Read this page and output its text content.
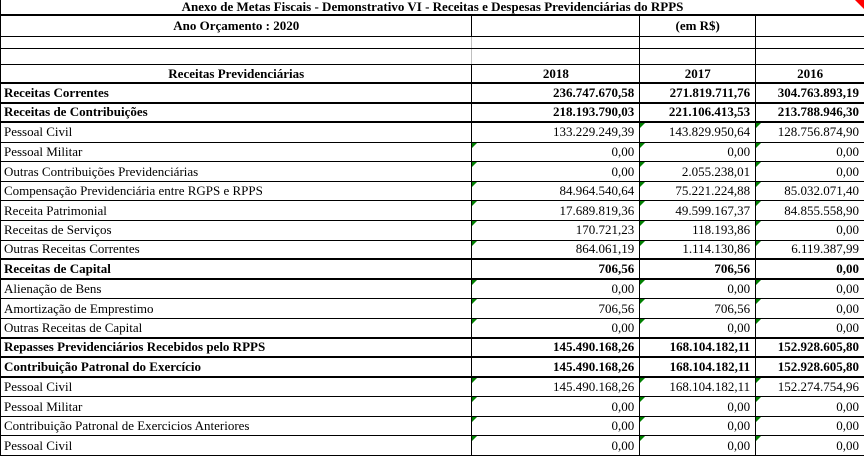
Anexo de Metas Fiscais - Demonstrativo VI - Receitas e Despesas Previdenciárias do RPPS
Ano Orçamento : 2020	(em R$)
Receitas Previdenciárias	2018	2017	2016
Receitas Correntes	236.747.670,58	271.819.711,76 304.763.893,19
Receitas de Contribuições	218.193.790,03	221.106.413,53 213.788.946,30
Pessoal Civil	133.229.249,39	143.829.950,64 128.756.874,90
Pessoal Militar	0,00	0,00	0,00
Outras Contribuições Previdenciárias	0,00	2.055.238,01	0,00
Compensação Previdenciária entre RGPS e RPPS	84.964.540,64	75.221.224,88	85.032.071,40
Receita Patrimonial	17.689.819,36	49.599.167,37	84.855.558,90
Receitas de Serviços	170.721,23	118.193,86	0,00
Outras Receitas Correntes	864.061,19	1.114.130,86	6.119.387,99
Receitas de Capital	706,56	706,56	0,00
Alienação de Bens	0,00	0,00	0,00
Amortização de Emprestimo	706,56	706,56	0,00
Outras Receitas de Capital	0,00	0,00	0,00
Repasses Previdenciários Recebidos pelo RPPS	145.490.168,26	168.104.182,11 152.928.605,80
Contribuição Patronal do Exercício	145.490.168,26	168.104.182,11 152.928.605,80
Pessoal Civil	145.490.168,26	168.104.182,11 152.274.754,96
Pessoal Militar	0,00	0,00	0,00
Contribuição Patronal de Exercicios Anteriores	0,00	0,00	0,00
Pessoal Civil	0,00	0,00	0,00
